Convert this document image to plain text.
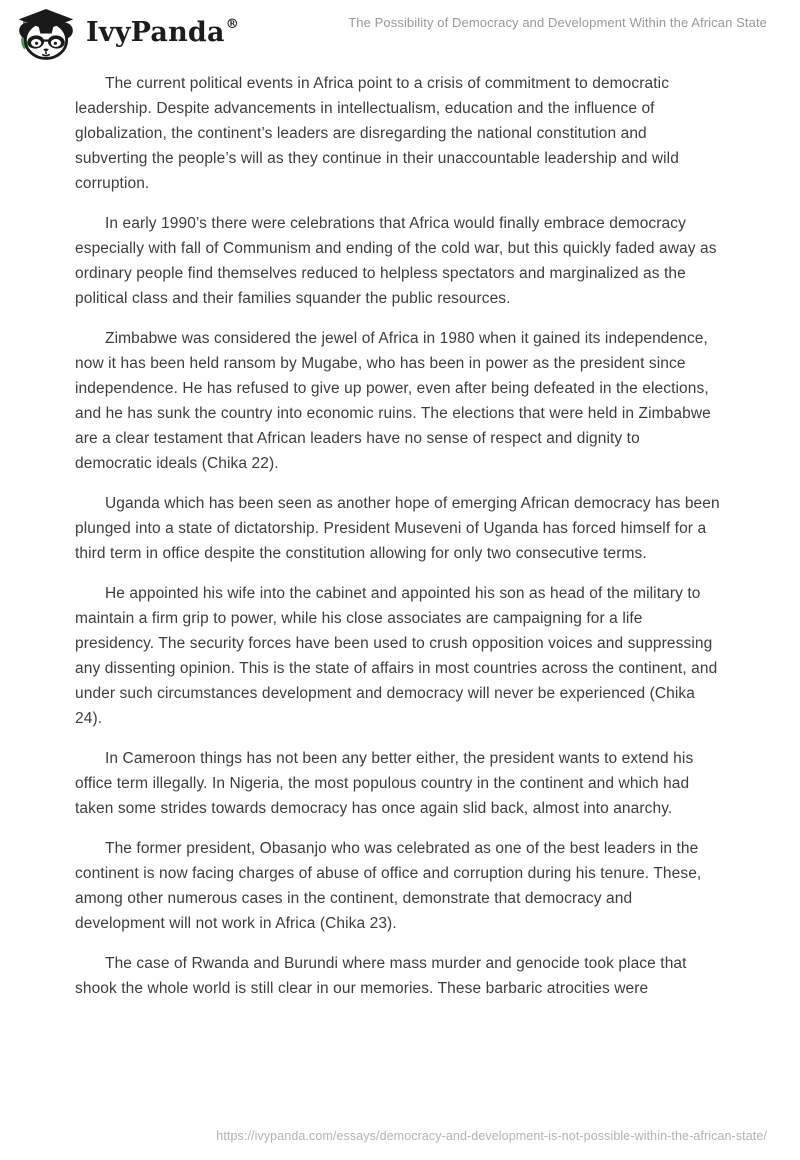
IvyPanda®	The Possibility of Democracy and Development Within the African State

The current political events in Africa point to a crisis of commitment to democratic leadership. Despite advancements in intellectualism, education and the influence of globalization, the continent’s leaders are disregarding the national constitution and subverting the people’s will as they continue in their unaccountable leadership and wild corruption.

In early 1990’s there were celebrations that Africa would finally embrace democracy especially with fall of Communism and ending of the cold war, but this quickly faded away as ordinary people find themselves reduced to helpless spectators and marginalized as the political class and their families squander the public resources.

Zimbabwe was considered the jewel of Africa in 1980 when it gained its independence, now it has been held ransom by Mugabe, who has been in power as the president since independence. He has refused to give up power, even after being defeated in the elections, and he has sunk the country into economic ruins. The elections that were held in Zimbabwe are a clear testament that African leaders have no sense of respect and dignity to democratic ideals (Chika 22).

Uganda which has been seen as another hope of emerging African democracy has been plunged into a state of dictatorship. President Museveni of Uganda has forced himself for a third term in office despite the constitution allowing for only two consecutive terms.

He appointed his wife into the cabinet and appointed his son as head of the military to maintain a firm grip to power, while his close associates are campaigning for a life presidency. The security forces have been used to crush opposition voices and suppressing any dissenting opinion. This is the state of affairs in most countries across the continent, and under such circumstances development and democracy will never be experienced (Chika 24).

In Cameroon things has not been any better either, the president wants to extend his office term illegally. In Nigeria, the most populous country in the continent and which had taken some strides towards democracy has once again slid back, almost into anarchy.

The former president, Obasanjo who was celebrated as one of the best leaders in the continent is now facing charges of abuse of office and corruption during his tenure. These, among other numerous cases in the continent, demonstrate that democracy and development will not work in Africa (Chika 23).

The case of Rwanda and Burundi where mass murder and genocide took place that shook the whole world is still clear in our memories. These barbaric atrocities were

https://ivypanda.com/essays/democracy-and-development-is-not-possible-within-the-african-state/
